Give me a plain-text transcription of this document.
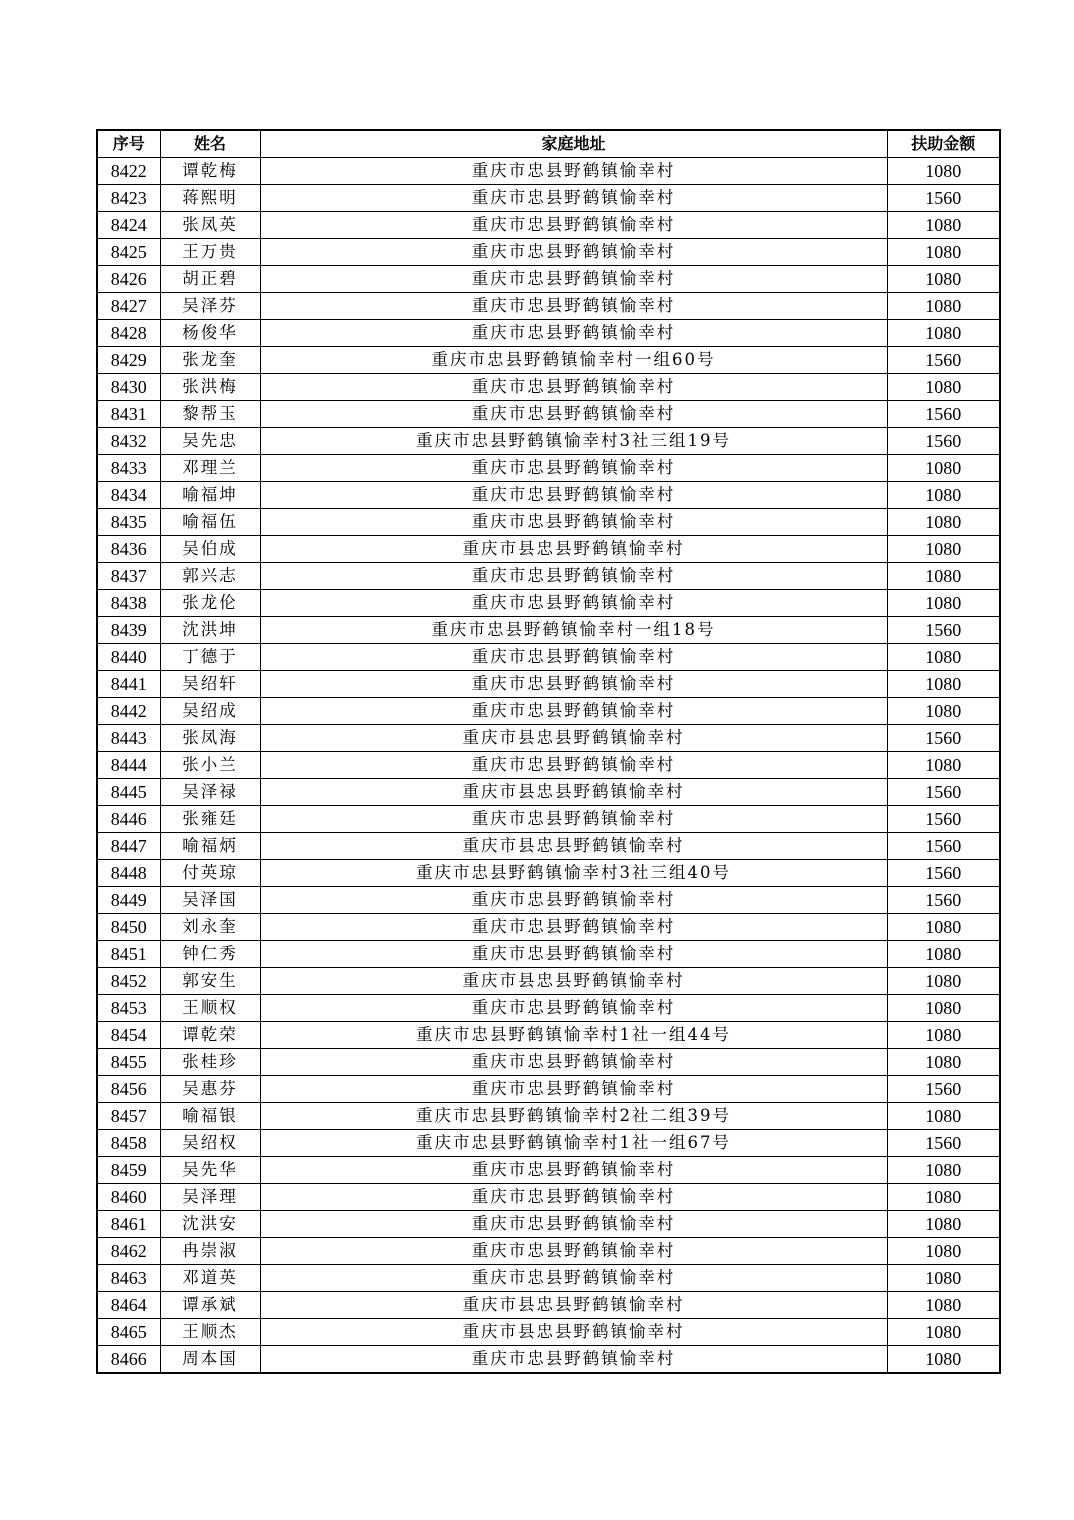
序号	姓名	家庭地址	扶助金额
8422	谭乾梅	重庆市忠县野鹤镇愉幸村	1080
8423	蒋熙明	重庆市忠县野鹤镇愉幸村	1560
8424	张凤英	重庆市忠县野鹤镇愉幸村	1080
8425	王万贵	重庆市忠县野鹤镇愉幸村	1080
8426	胡正碧	重庆市忠县野鹤镇愉幸村	1080
8427	吴泽芬	重庆市忠县野鹤镇愉幸村	1080
8428	杨俊华	重庆市忠县野鹤镇愉幸村	1080
8429	张龙奎	重庆市忠县野鹤镇愉幸村一组60号	1560
8430	张洪梅	重庆市忠县野鹤镇愉幸村	1080
8431	黎帮玉	重庆市忠县野鹤镇愉幸村	1560
8432	吴先忠	重庆市忠县野鹤镇愉幸村3社三组19号	1560
8433	邓理兰	重庆市忠县野鹤镇愉幸村	1080
8434	喻福坤	重庆市忠县野鹤镇愉幸村	1080
8435	喻福伍	重庆市忠县野鹤镇愉幸村	1080
8436	吴伯成	重庆市县忠县野鹤镇愉幸村	1080
8437	郭兴志	重庆市忠县野鹤镇愉幸村	1080
8438	张龙伦	重庆市忠县野鹤镇愉幸村	1080
8439	沈洪坤	重庆市忠县野鹤镇愉幸村一组18号	1560
8440	丁德于	重庆市忠县野鹤镇愉幸村	1080
8441	吴绍轩	重庆市忠县野鹤镇愉幸村	1080
8442	吴绍成	重庆市忠县野鹤镇愉幸村	1080
8443	张凤海	重庆市县忠县野鹤镇愉幸村	1560
8444	张小兰	重庆市忠县野鹤镇愉幸村	1080
8445	吴泽禄	重庆市县忠县野鹤镇愉幸村	1560
8446	张雍廷	重庆市忠县野鹤镇愉幸村	1560
8447	喻福炳	重庆市县忠县野鹤镇愉幸村	1560
8448	付英琼	重庆市忠县野鹤镇愉幸村3社三组40号	1560
8449	吴泽国	重庆市忠县野鹤镇愉幸村	1560
8450	刘永奎	重庆市忠县野鹤镇愉幸村	1080
8451	钟仁秀	重庆市忠县野鹤镇愉幸村	1080
8452	郭安生	重庆市县忠县野鹤镇愉幸村	1080
8453	王顺权	重庆市忠县野鹤镇愉幸村	1080
8454	谭乾荣	重庆市忠县野鹤镇愉幸村1社一组44号	1080
8455	张桂珍	重庆市忠县野鹤镇愉幸村	1080
8456	吴惠芬	重庆市忠县野鹤镇愉幸村	1560
8457	喻福银	重庆市忠县野鹤镇愉幸村2社二组39号	1080
8458	吴绍权	重庆市忠县野鹤镇愉幸村1社一组67号	1560
8459	吴先华	重庆市忠县野鹤镇愉幸村	1080
8460	吴泽理	重庆市忠县野鹤镇愉幸村	1080
8461	沈洪安	重庆市忠县野鹤镇愉幸村	1080
8462	冉崇淑	重庆市忠县野鹤镇愉幸村	1080
8463	邓道英	重庆市忠县野鹤镇愉幸村	1080
8464	谭承斌	重庆市县忠县野鹤镇愉幸村	1080
8465	王顺杰	重庆市县忠县野鹤镇愉幸村	1080
8466	周本国	重庆市忠县野鹤镇愉幸村	1080
